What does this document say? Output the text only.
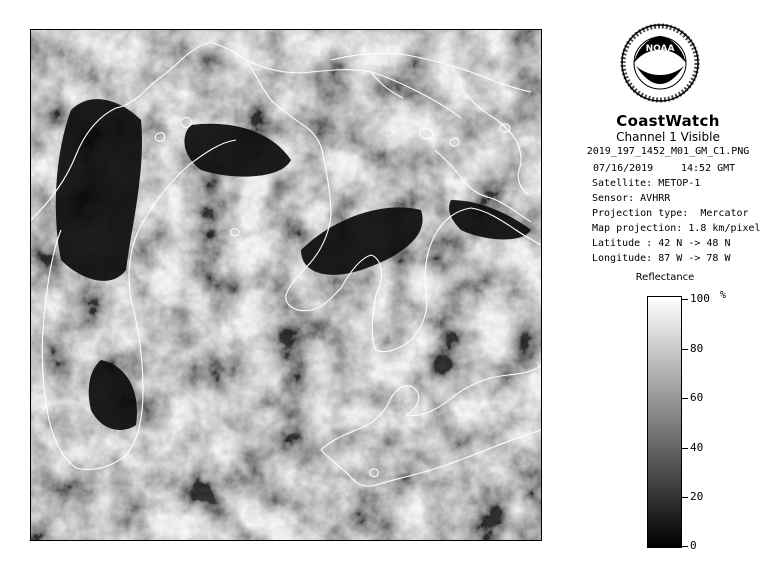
NOAA
CoastWatch
Channel 1 Visible
2019_197_1452_M01_GM_C1.PNG
07/16/2019	14:52 GMT
Satellite: METOP-1
Sensor: AVHRR
Projection type:  Mercator
Map projection: 1.8 km/pixel
Latitude : 42 N -> 48 N
Longitude: 87 W -> 78 W
Reflectance
%
100
80
60
40
20
0
